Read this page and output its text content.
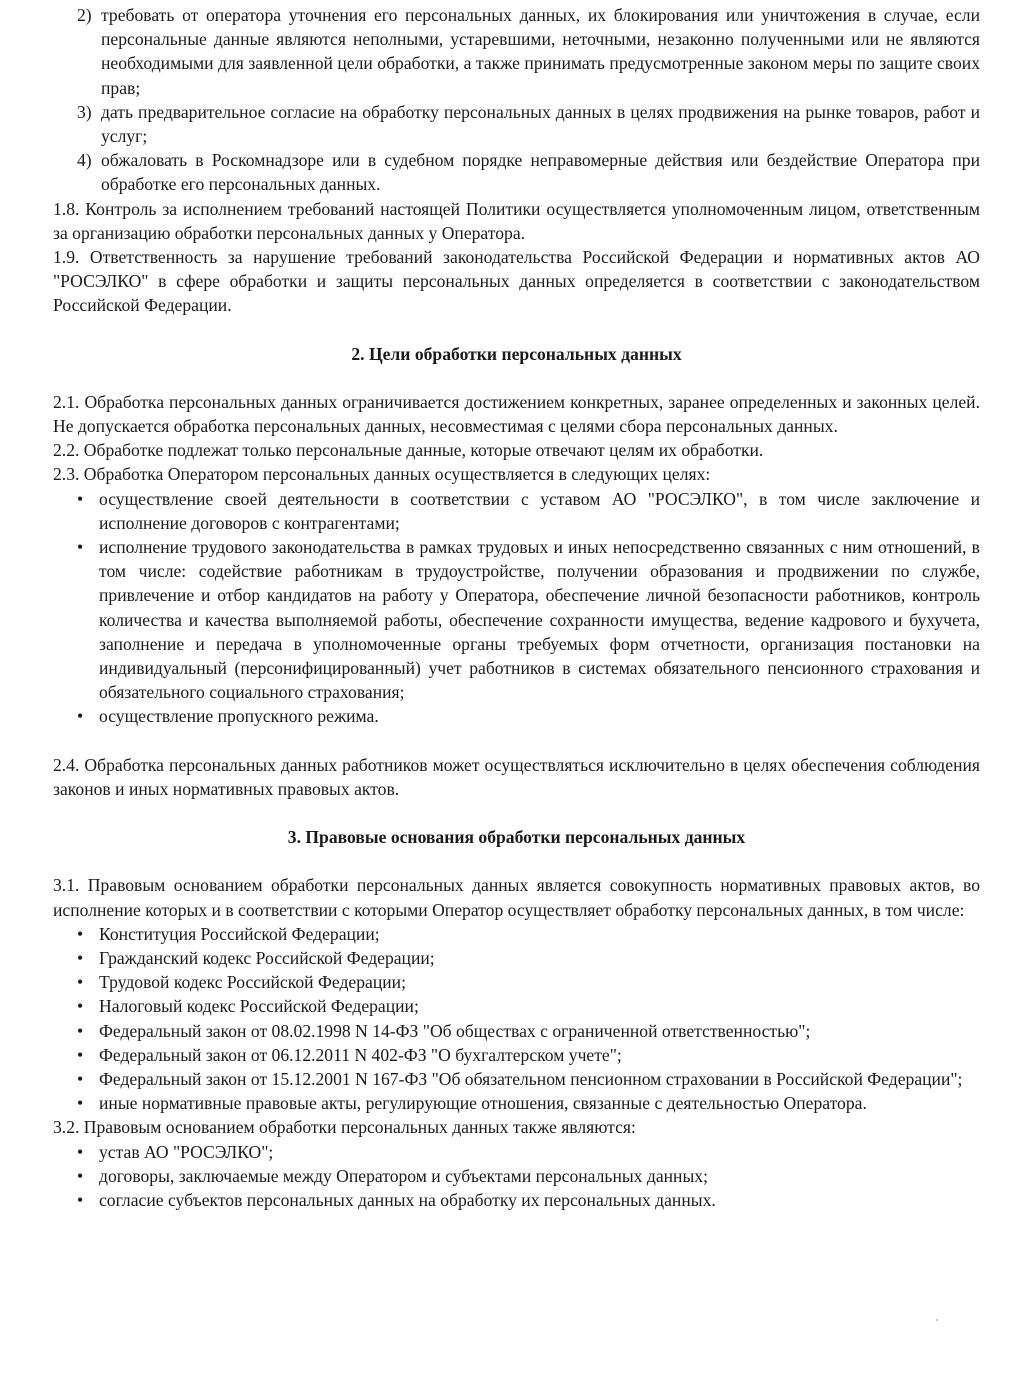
2) требовать от оператора уточнения его персональных данных, их блокирования или уничтожения в случае, если персональные данные являются неполными, устаревшими, неточными, незаконно полученными или не являются необходимыми для заявленной цели обработки, а также принимать предусмотренные законом меры по защите своих прав;
3) дать предварительное согласие на обработку персональных данных в целях продвижения на рынке товаров, работ и услуг;
4) обжаловать в Роскомнадзоре или в судебном порядке неправомерные действия или бездействие Оператора при обработке его персональных данных.

1.8. Контроль за исполнением требований настоящей Политики осуществляется уполномоченным лицом, ответственным за организацию обработки персональных данных у Оператора.

1.9. Ответственность за нарушение требований законодательства Российской Федерации и нормативных актов АО "РОСЭЛКО" в сфере обработки и защиты персональных данных определяется в соответствии с законодательством Российской Федерации.

2. Цели обработки персональных данных

2.1. Обработка персональных данных ограничивается достижением конкретных, заранее определенных и законных целей. Не допускается обработка персональных данных, несовместимая с целями сбора персональных данных.

2.2. Обработке подлежат только персональные данные, которые отвечают целям их обработки.

2.3. Обработка Оператором персональных данных осуществляется в следующих целях:

• осуществление своей деятельности в соответствии с уставом АО "РОСЭЛКО", в том числе заключение и исполнение договоров с контрагентами;
• исполнение трудового законодательства в рамках трудовых и иных непосредственно связанных с ним отношений, в том числе: содействие работникам в трудоустройстве, получении образования и продвижении по службе, привлечение и отбор кандидатов на работу у Оператора, обеспечение личной безопасности работников, контроль количества и качества выполняемой работы, обеспечение сохранности имущества, ведение кадрового и бухучета, заполнение и передача в уполномоченные органы требуемых форм отчетности, организация постановки на индивидуальный (персонифицированный) учет работников в системах обязательного пенсионного страхования и обязательного социального страхования;
• осуществление пропускного режима.

2.4. Обработка персональных данных работников может осуществляться исключительно в целях обеспечения соблюдения законов и иных нормативных правовых актов.

3. Правовые основания обработки персональных данных

3.1. Правовым основанием обработки персональных данных является совокупность нормативных правовых актов, во исполнение которых и в соответствии с которыми Оператор осуществляет обработку персональных данных, в том числе:

• Конституция Российской Федерации;
• Гражданский кодекс Российской Федерации;
• Трудовой кодекс Российской Федерации;
• Налоговый кодекс Российской Федерации;
• Федеральный закон от 08.02.1998 N 14-ФЗ "Об обществах с ограниченной ответственностью";
• Федеральный закон от 06.12.2011 N 402-ФЗ "О бухгалтерском учете";
• Федеральный закон от 15.12.2001 N 167-ФЗ "Об обязательном пенсионном страховании в Российской Федерации";
• иные нормативные правовые акты, регулирующие отношения, связанные с деятельностью Оператора.

3.2. Правовым основанием обработки персональных данных также являются:

• устав АО "РОСЭЛКО";
• договоры, заключаемые между Оператором и субъектами персональных данных;
• согласие субъектов персональных данных на обработку их персональных данных.
